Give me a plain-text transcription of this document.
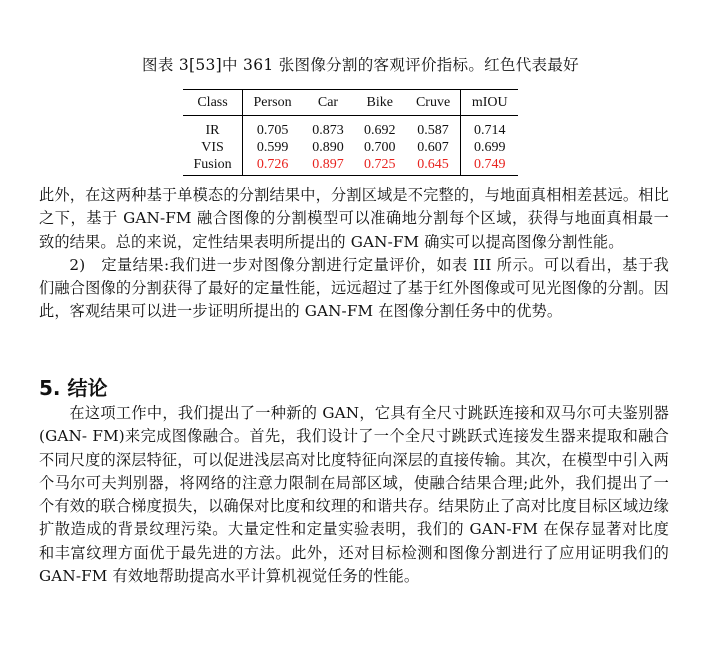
图表 3[53]中 361 张图像分割的客观评价指标。红色代表最好
Class	Person	Car	Bike	Cruve	mIOU
IR	0.705	0.873	0.692	0.587	0.714
VIS	0.599	0.890	0.700	0.607	0.699
Fusion	0.726	0.897	0.725	0.645	0.749
此外，在这两种基于单模态的分割结果中，分割区域是不完整的，与地面真相相差甚远。相比之下，基于 GAN-FM 融合图像的分割模型可以准确地分割每个区域，获得与地面真相最一致的结果。总的来说，定性结果表明所提出的 GAN-FM 确实可以提高图像分割性能。
2)　定量结果:我们进一步对图像分割进行定量评价，如表 III 所示。可以看出，基于我们融合图像的分割获得了最好的定量性能，远远超过了基于红外图像或可见光图像的分割。因此，客观结果可以进一步证明所提出的 GAN-FM 在图像分割任务中的优势。
5. 结论
在这项工作中，我们提出了一种新的 GAN，它具有全尺寸跳跃连接和双马尔可夫鉴别器(GAN- FM)来完成图像融合。首先，我们设计了一个全尺寸跳跃式连接发生器来提取和融合不同尺度的深层特征，可以促进浅层高对比度特征向深层的直接传输。其次，在模型中引入两个马尔可夫判别器，将网络的注意力限制在局部区域，使融合结果合理;此外，我们提出了一个有效的联合梯度损失，以确保对比度和纹理的和谐共存。结果防止了高对比度目标区域边缘扩散造成的背景纹理污染。大量定性和定量实验表明，我们的 GAN-FM 在保存显著对比度和丰富纹理方面优于最先进的方法。此外，还对目标检测和图像分割进行了应用证明我们的 GAN-FM 有效地帮助提高水平计算机视觉任务的性能。
